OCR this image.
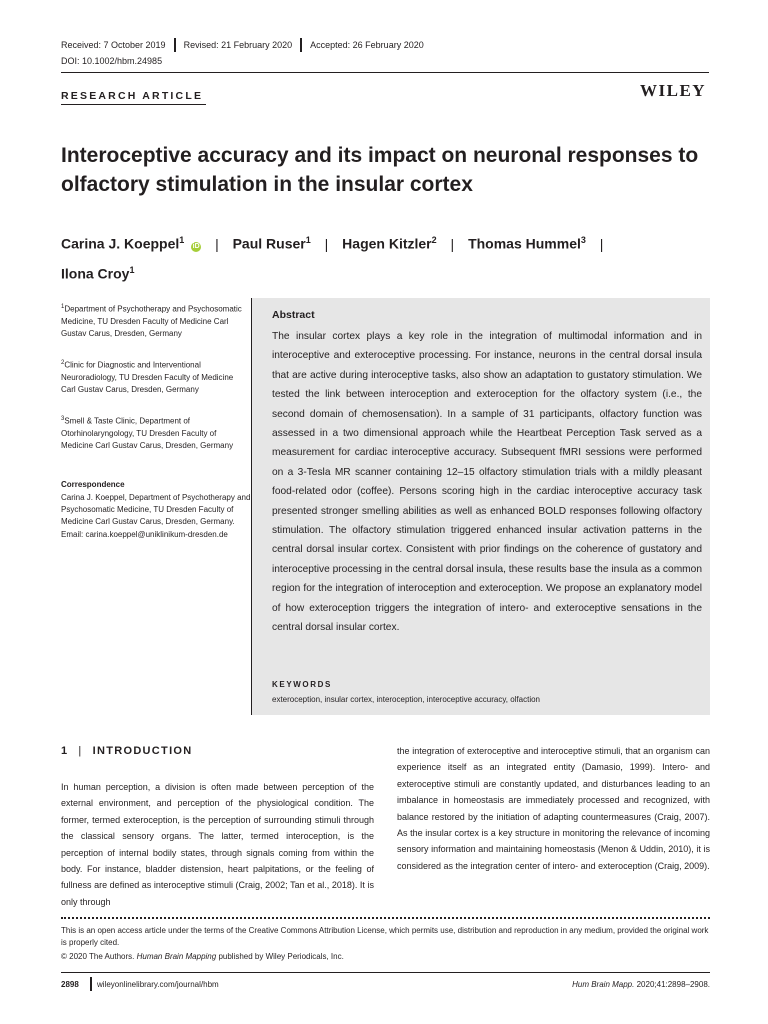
Received: 7 October 2019	Revised: 21 February 2020	Accepted: 26 February 2020
DOI: 10.1002/hbm.24985
RESEARCH ARTICLE	WILEY
Interoceptive accuracy and its impact on neuronal responses to olfactory stimulation in the insular cortex
Carina J. Koeppel$^1$ iD | Paul Ruser$^1$ | Hagen Kitzler$^2$ | Thomas Hummel$^3$ |
Ilona Croy$^1$
$^1$Department of Psychotherapy and Psychosomatic Medicine, TU Dresden Faculty of Medicine Carl Gustav Carus, Dresden, Germany
$^2$Clinic for Diagnostic and Interventional Neuroradiology, TU Dresden Faculty of Medicine Carl Gustav Carus, Dresden, Germany
$^3$Smell & Taste Clinic, Department of Otorhinolaryngology, TU Dresden Faculty of Medicine Carl Gustav Carus, Dresden, Germany
Correspondence
Carina J. Koeppel, Department of Psychotherapy and Psychosomatic Medicine, TU Dresden Faculty of Medicine Carl Gustav Carus, Dresden, Germany.
Email: carina.koeppel@uniklinikum-dresden.de
Abstract

The insular cortex plays a key role in the integration of multimodal information and in interoceptive and exteroceptive processing. For instance, neurons in the central dorsal insula that are active during interoceptive tasks, also show an adaptation to gustatory stimulation. We tested the link between interoception and exteroception for the olfactory system (i.e., the second domain of chemosensation). In a sample of 31 participants, olfactory function was assessed in a two dimensional approach while the Heartbeat Perception Task served as a measurement for cardiac interoceptive accuracy. Subsequent fMRI sessions were performed on a 3-Tesla MR scanner containing 12–15 olfactory stimulation trials with a mildly pleasant food-related odor (coffee). Persons scoring high in the cardiac interoceptive accuracy task presented stronger smelling abilities as well as enhanced BOLD responses following olfactory stimulation. The olfactory stimulation triggered enhanced insular activation patterns in the central dorsal insular cortex. Consistent with prior findings on the coherence of gustatory and interoceptive processing in the central dorsal insula, these results base the insula as a common region for the integration of interoception and exteroception. We propose an explanatory model of how exteroception triggers the integration of intero- and exteroceptive sensations in the central dorsal insular cortex.

KEYWORDS
exteroception, insular cortex, interoception, interoceptive accuracy, olfaction
1 | INTRODUCTION

In human perception, a division is often made between perception of the external environment, and perception of the physiological condition. The former, termed exteroception, is the perception of surrounding stimuli through the classical sensory organs. The latter, termed interoception, is the perception of internal bodily states, through signals coming from within the body. For instance, bladder distension, heart palpitations, or the feeling of fullness are defined as interoceptive stimuli (Craig, 2002; Tan et al., 2018). It is only through

the integration of exteroceptive and interoceptive stimuli, that an organism can experience itself as an integrated entity (Damasio, 1999). Intero- and exteroceptive stimuli are constantly updated, and disturbances leading to an imbalance in homeostasis are immediately processed and recognized, with balance restored by the initiation of adapting countermeasures (Craig, 2007). As the insular cortex is a key structure in monitoring the relevance of incoming sensory information and maintaining homeostasis (Menon & Uddin, 2010), it is considered as the integration center of intero- and exteroception (Craig, 2009).

This is an open access article under the terms of the Creative Commons Attribution License, which permits use, distribution and reproduction in any medium, provided the original work is properly cited.
© 2020 The Authors. Human Brain Mapping published by Wiley Periodicals, Inc.
2898 wileyonlinelibrary.com/journal/hbm	Hum Brain Mapp. 2020;41:2898–2908.
